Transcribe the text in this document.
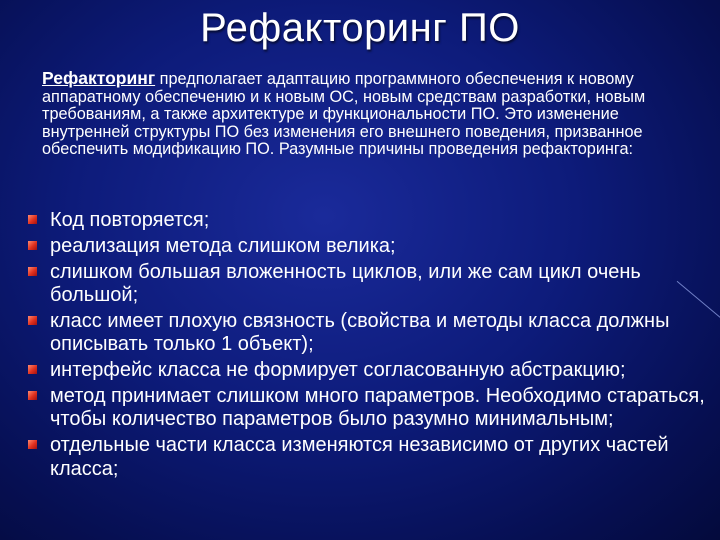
Рефакторинг ПО
Рефакторинг предполагает адаптацию программного обеспечения к новому аппаратному обеспечению и к новым ОС, новым средствам разработки, новым требованиям, а также архитектуре и функциональности ПО. Это изменение внутренней структуры ПО без изменения его внешнего поведения, призванное обеспечить модификацию ПО. Разумные причины проведения рефакторинга:
Код повторяется;
реализация метода слишком велика;
слишком большая вложенность циклов, или же сам цикл очень большой;
класс имеет плохую связность (свойства и методы класса должны описывать только 1 объект);
интерфейс класса не формирует согласованную абстракцию;
метод принимает слишком много параметров. Необходимо стараться, чтобы количество параметров было разумно минимальным;
отдельные части класса изменяются независимо от других частей класса;
